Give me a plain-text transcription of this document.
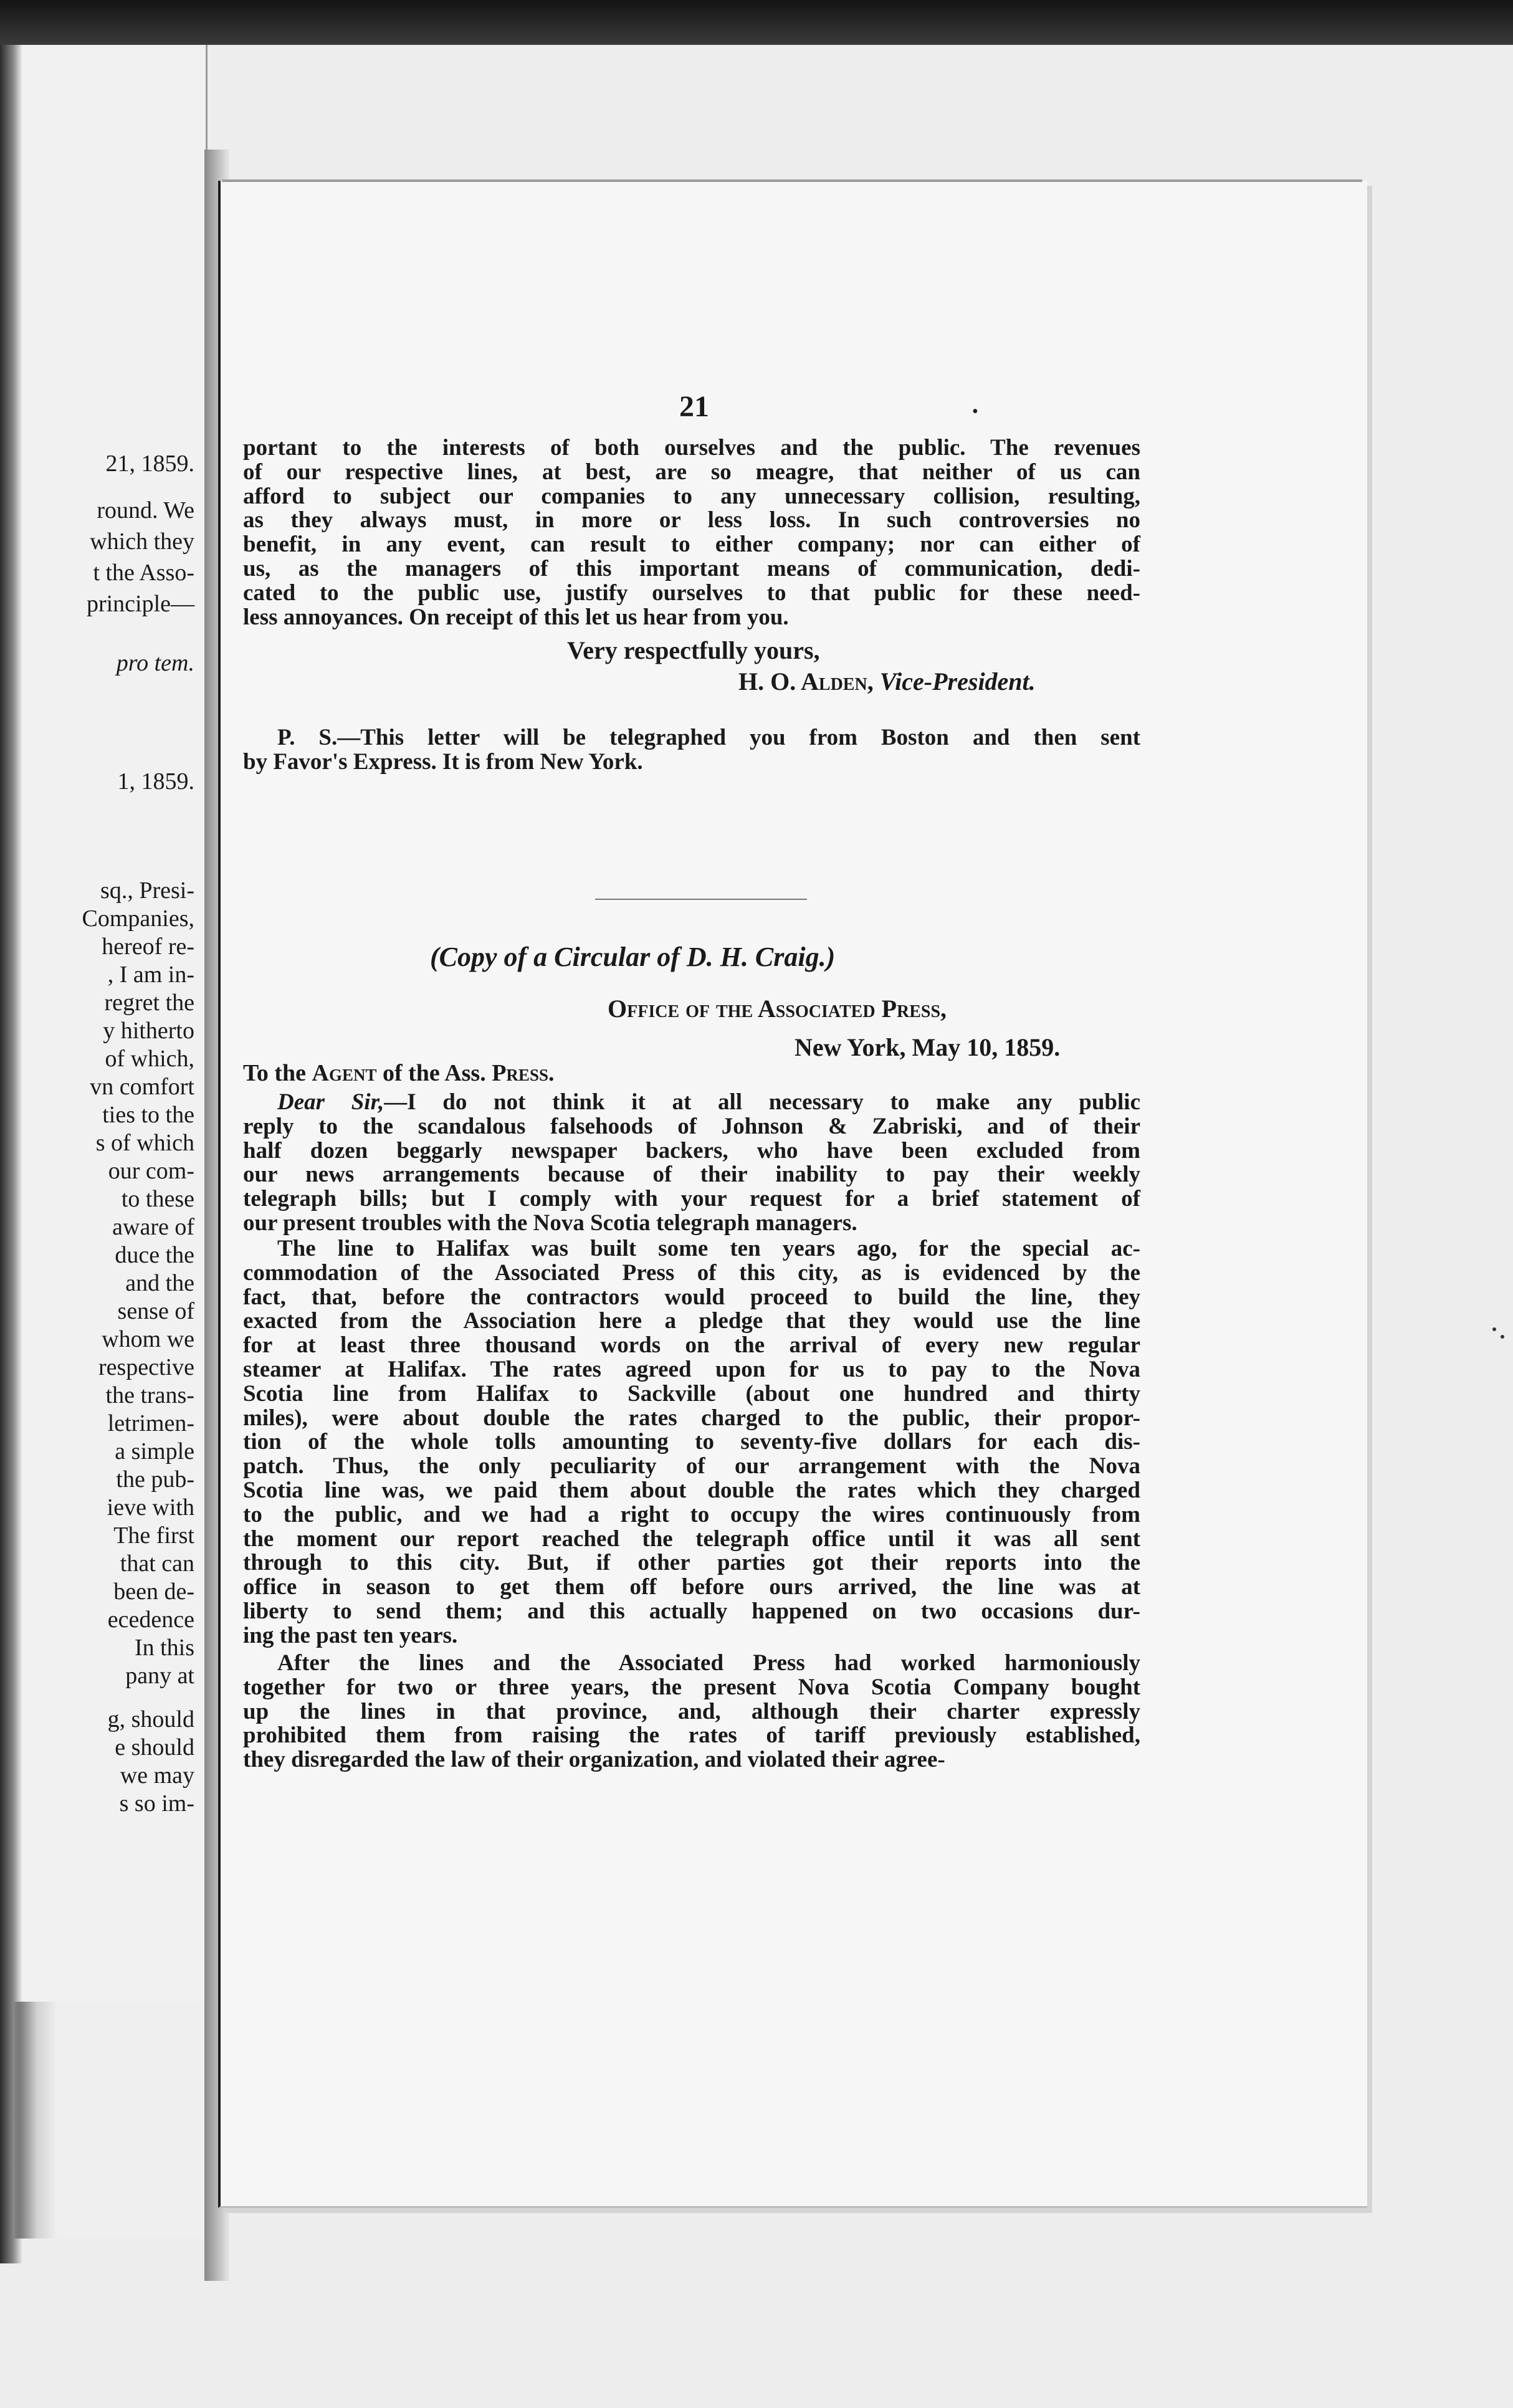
21, 1859.
round. We
which they
t the Asso-
principle—
pro tem.
1, 1859.
sq., Presi-
Companies,
hereof re-
, I am in-
regret the
y hitherto
of which,
vn comfort
ties to the
s of which
our com-
to these
aware of
duce the
and the
sense of
whom we
respective
the trans-
letrimen-
a simple
the pub-
ieve with
The first
that can
been de-
ecedence
In this
pany at
g, should
e should
we may
s so im-
21	•
portant to the interests of both ourselves and the public. The revenues
of our respective lines, at best, are so meagre, that neither of us can
afford to subject our companies to any unnecessary collision, resulting,
as they always must, in more or less loss. In such controversies no
benefit, in any event, can result to either company; nor can either of
us, as the managers of this important means of communication, dedi-
cated to the public use, justify ourselves to that public for these need-
less annoyances. On receipt of this let us hear from you.
Very respectfully yours,
H. O. Alden, Vice-President.
P. S.—This letter will be telegraphed you from Boston and then sent
by Favor's Express. It is from New York.
(Copy of a Circular of D. H. Craig.)
Office of the Associated Press,
New York, May 10, 1859.
To the Agent of the Ass. Press.
Dear Sir,—I do not think it at all necessary to make any public
reply to the scandalous falsehoods of Johnson & Zabriski, and of their
half dozen beggarly newspaper backers, who have been excluded from
our news arrangements because of their inability to pay their weekly
telegraph bills; but I comply with your request for a brief statement of
our present troubles with the Nova Scotia telegraph managers.
The line to Halifax was built some ten years ago, for the special ac-
commodation of the Associated Press of this city, as is evidenced by the
fact, that, before the contractors would proceed to build the line, they
exacted from the Association here a pledge that they would use the line
for at least three thousand words on the arrival of every new regular
steamer at Halifax. The rates agreed upon for us to pay to the Nova
Scotia line from Halifax to Sackville (about one hundred and thirty
miles), were about double the rates charged to the public, their propor-
tion of the whole tolls amounting to seventy-five dollars for each dis-
patch. Thus, the only peculiarity of our arrangement with the Nova
Scotia line was, we paid them about double the rates which they charged
to the public, and we had a right to occupy the wires continuously from
the moment our report reached the telegraph office until it was all sent
through to this city. But, if other parties got their reports into the
office in season to get them off before ours arrived, the line was at
liberty to send them; and this actually happened on two occasions dur-
ing the past ten years.
After the lines and the Associated Press had worked harmoniously
together for two or three years, the present Nova Scotia Company bought
up the lines in that province, and, although their charter expressly
prohibited them from raising the rates of tariff previously established,
they disregarded the law of their organization, and violated their agree-
